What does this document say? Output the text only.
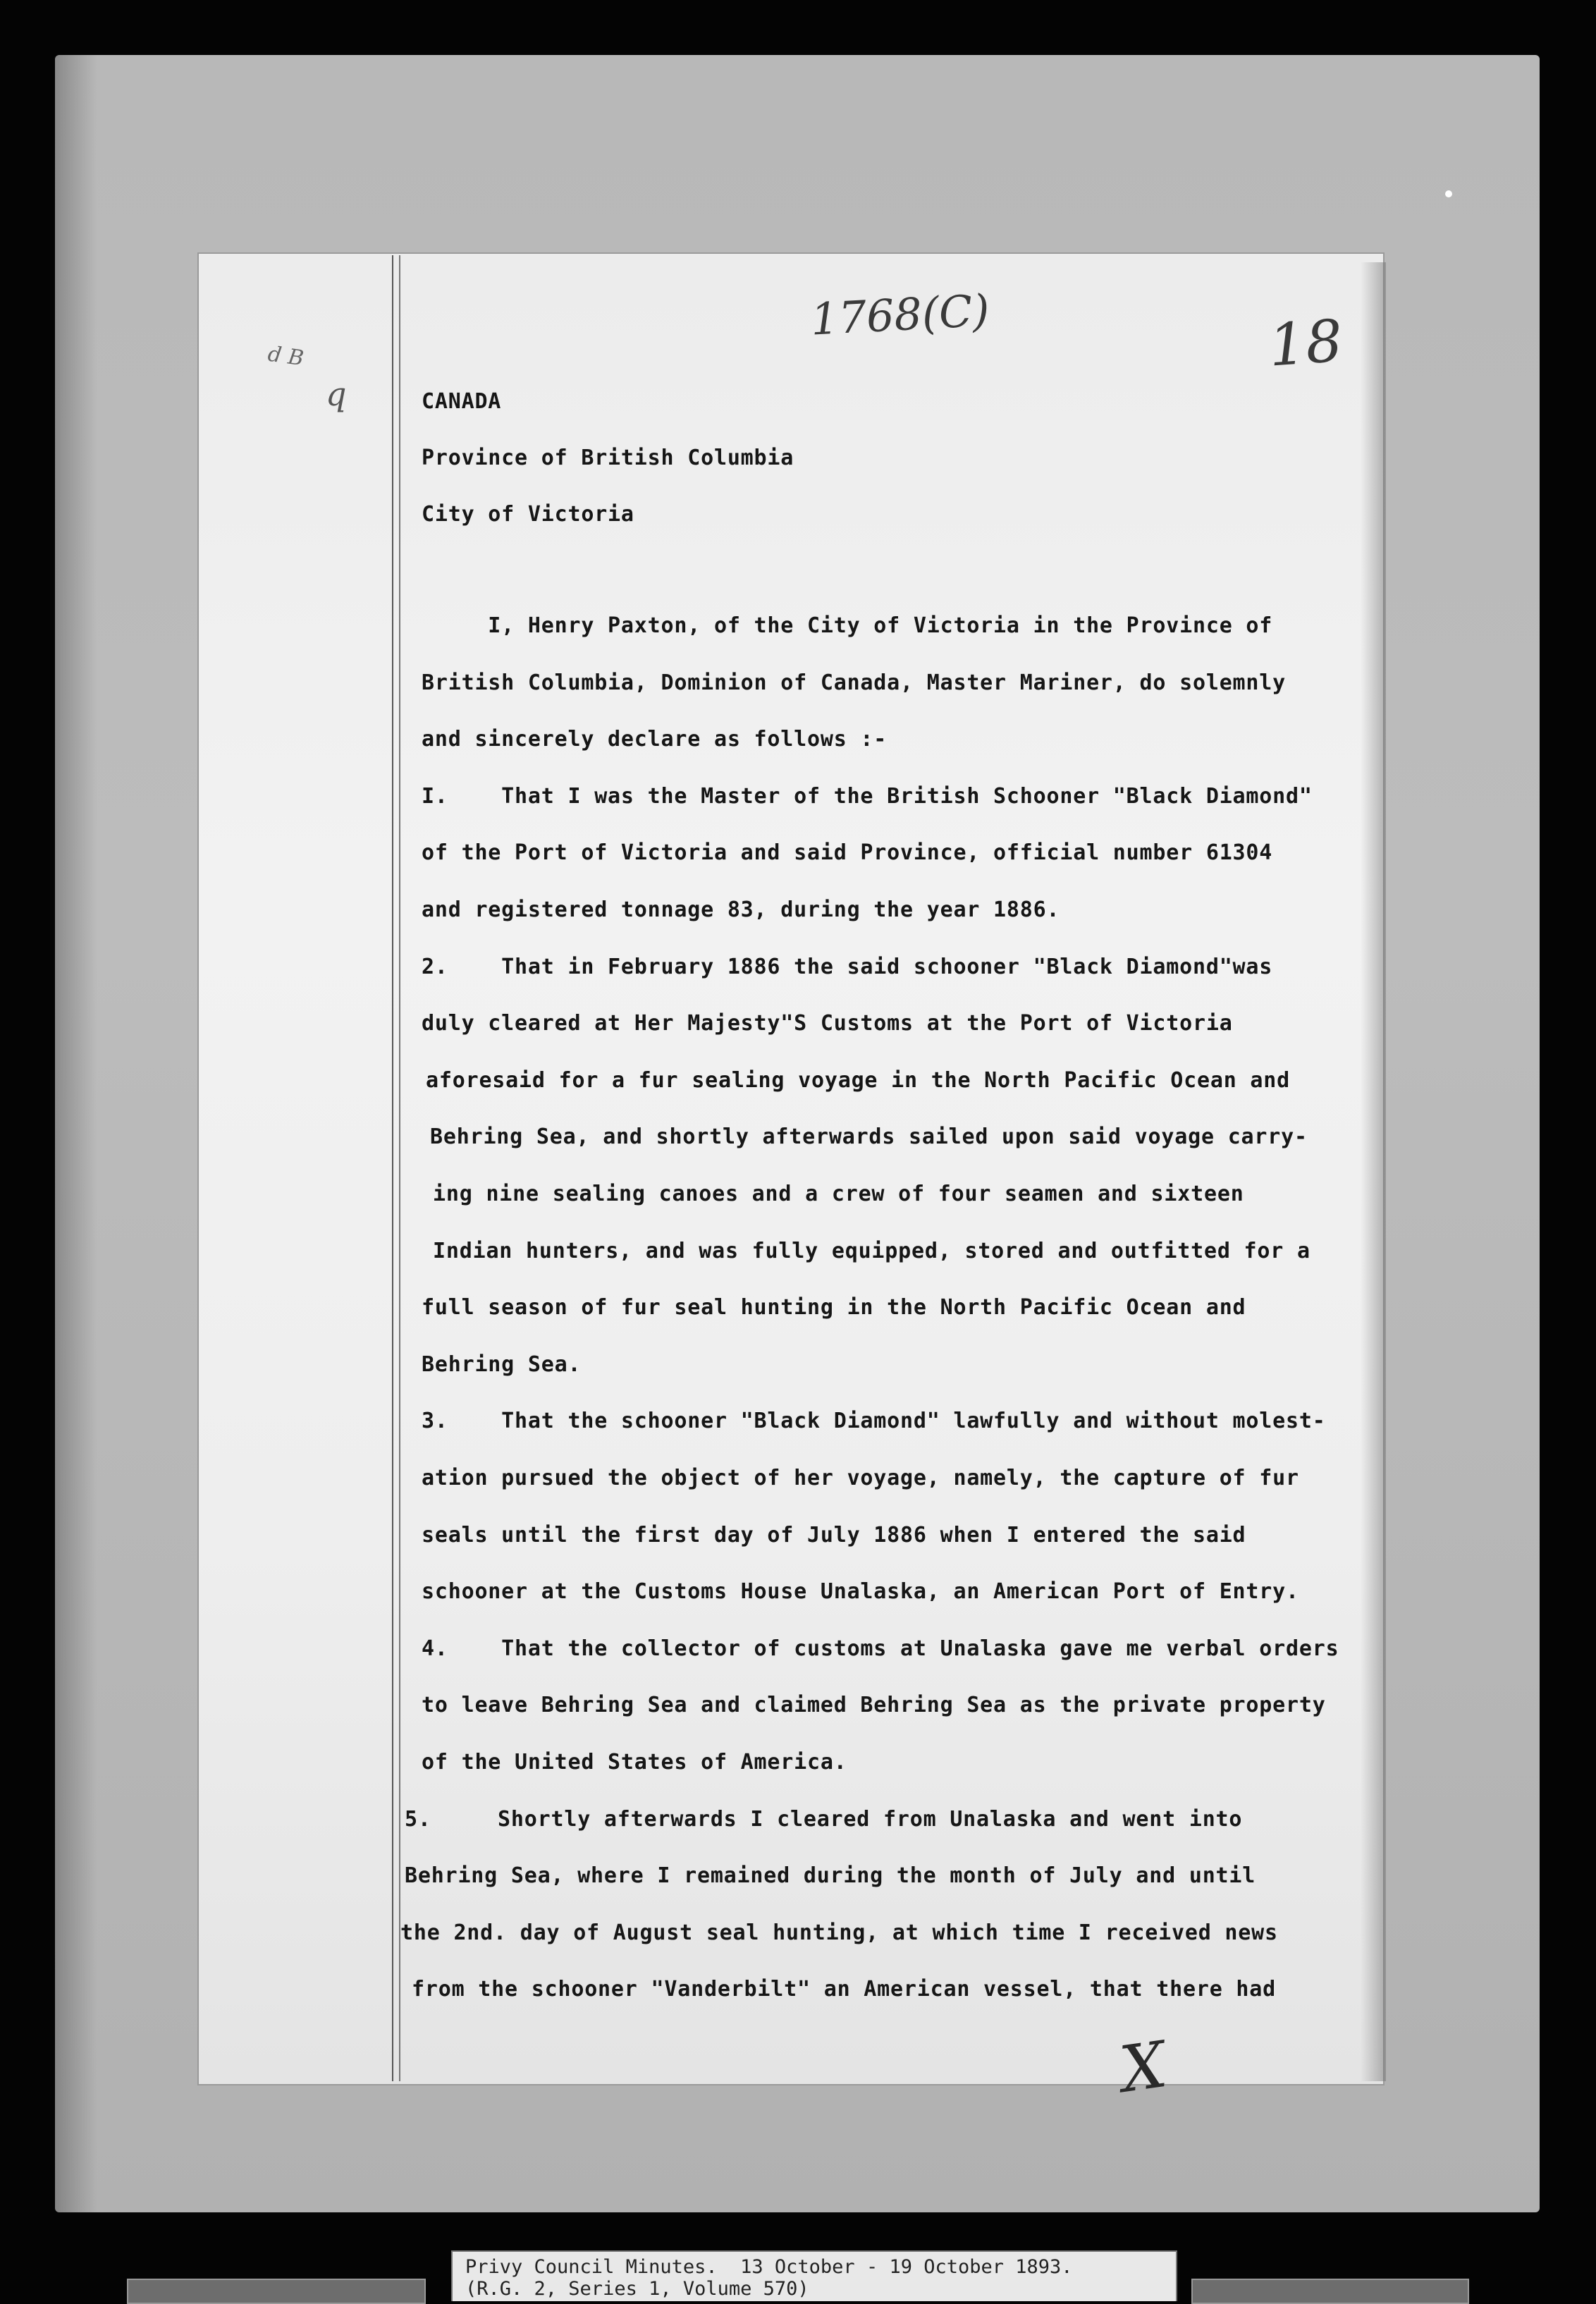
1768(C)	18
d B
q	CANADA
Province of British Columbia
City of Victoria
I, Henry Paxton, of the City of Victoria in the Province of
British Columbia, Dominion of Canada, Master Mariner, do solemnly
and sincerely declare as follows :-
I.    That I was the Master of the British Schooner "Black Diamond"
of the Port of Victoria and said Province, official number 61304
and registered tonnage 83, during the year 1886.
2.    That in February 1886 the said schooner "Black Diamond"was
duly cleared at Her Majesty"S Customs at the Port of Victoria
aforesaid for a fur sealing voyage in the North Pacific Ocean and
Behring Sea, and shortly afterwards sailed upon said voyage carry-
ing nine sealing canoes and a crew of four seamen and sixteen
Indian hunters, and was fully equipped, stored and outfitted for a
full season of fur seal hunting in the North Pacific Ocean and
Behring Sea.
3.    That the schooner "Black Diamond" lawfully and without molest-
ation pursued the object of her voyage, namely, the capture of fur
seals until the first day of July 1886 when I entered the said
schooner at the Customs House Unalaska, an American Port of Entry.
4.    That the collector of customs at Unalaska gave me verbal orders
to leave Behring Sea and claimed Behring Sea as the private property
of the United States of America.
5.     Shortly afterwards I cleared from Unalaska and went into
Behring Sea, where I remained during the month of July and until
the 2nd. day of August seal hunting, at which time I received news
from the schooner "Vanderbilt" an American vessel, that there had
X
Privy Council Minutes.  13 October - 19 October 1893.
(R.G. 2, Series 1, Volume 570)
